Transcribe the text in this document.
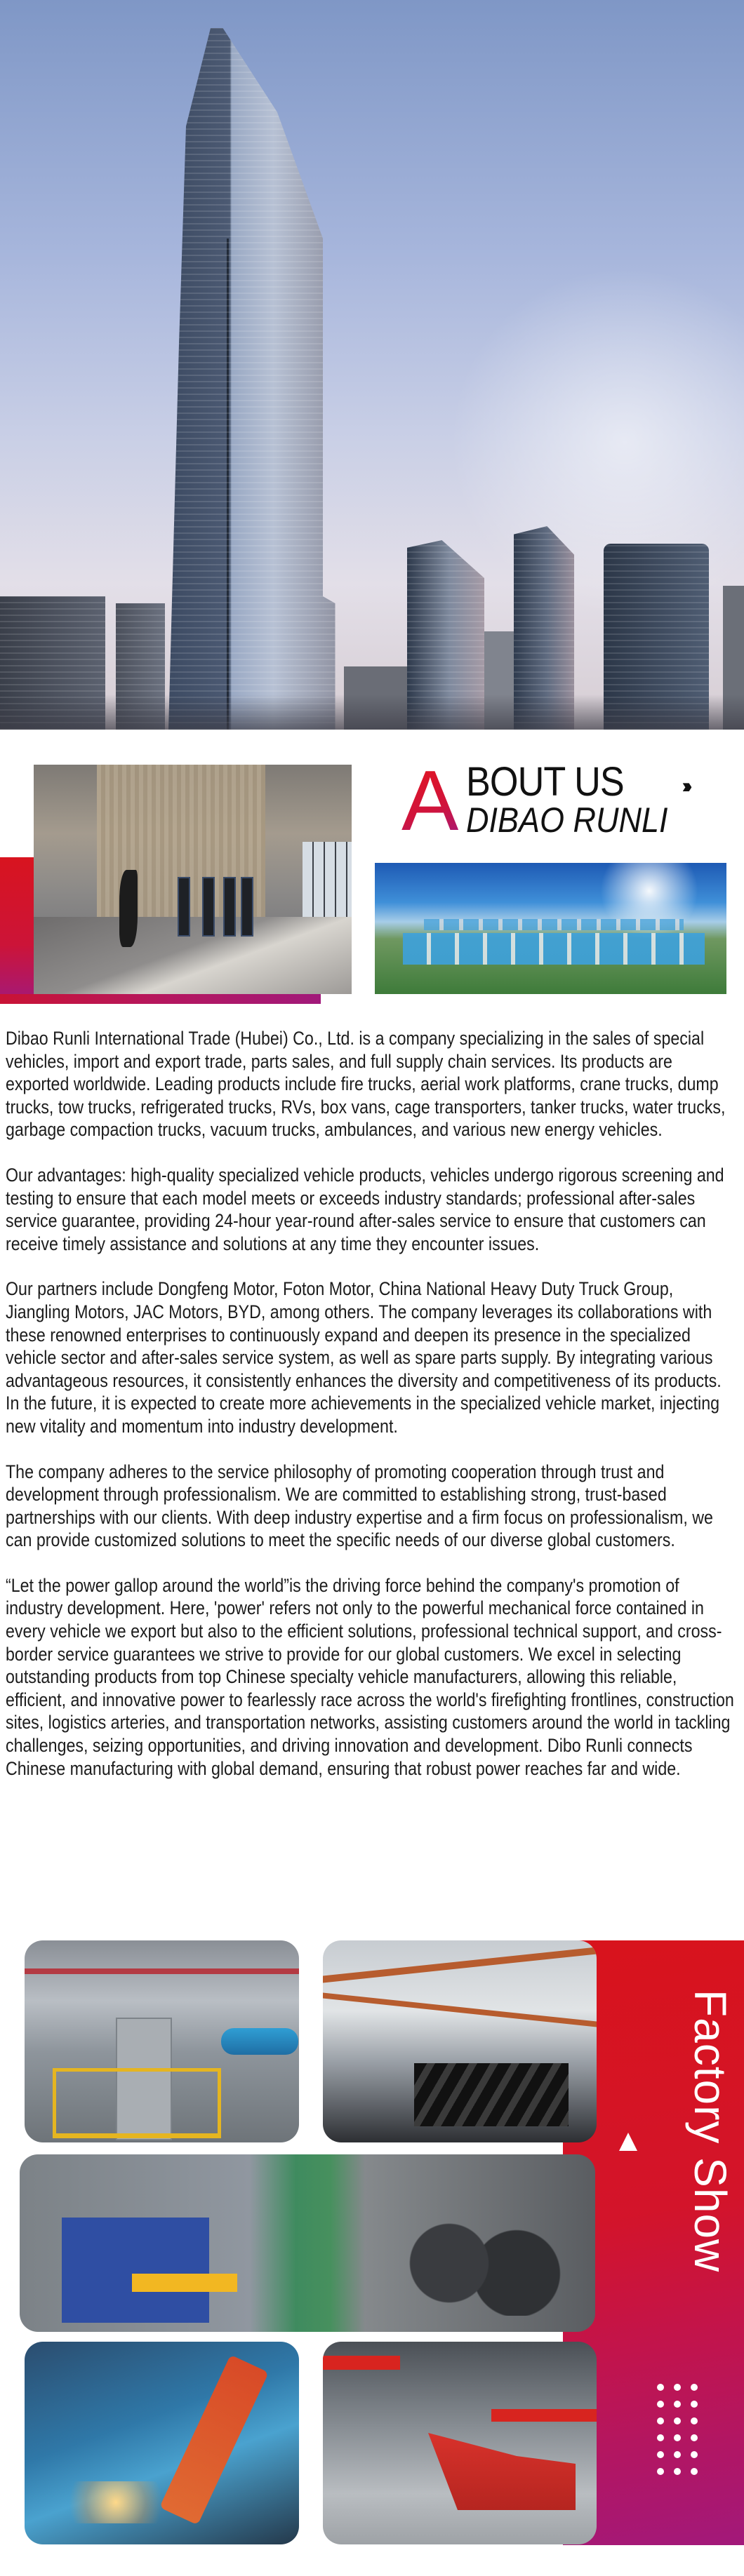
A BOUT US	››››››
DIBAO RUNLI

Dibao Runli International Trade (Hubei) Co., Ltd. is a company specializing in the sales of special vehicles, import and export trade, parts sales, and full supply chain services. Its products are exported worldwide. Leading products include fire trucks, aerial work platforms, crane trucks, dump trucks, tow trucks, refrigerated trucks, RVs, box vans, cage transporters, tanker trucks, water trucks, garbage compaction trucks, vacuum trucks, ambulances, and various new energy vehicles.

Our advantages: high-quality specialized vehicle products, vehicles undergo rigorous screening and testing to ensure that each model meets or exceeds industry standards; professional after-sales service guarantee, providing 24-hour year-round after-sales service to ensure that customers can receive timely assistance and solutions at any time they encounter issues.

Our partners include Dongfeng Motor, Foton Motor, China National Heavy Duty Truck Group, Jiangling Motors, JAC Motors, BYD, among others. The company leverages its collaborations with these renowned enterprises to continuously expand and deepen its presence in the specialized vehicle sector and after-sales service system, as well as spare parts supply. By integrating various advantageous resources, it consistently enhances the diversity and competitiveness of its products. In the future, it is expected to create more achievements in the specialized vehicle market, injecting new vitality and momentum into industry development.

The company adheres to the service philosophy of promoting cooperation through trust and development through professionalism. We are committed to establishing strong, trust-based partnerships with our clients. With deep industry expertise and a firm focus on professionalism, we can provide customized solutions to meet the specific needs of our diverse global customers.

“Let the power gallop around the world”is the driving force behind the company's promotion of industry development. Here, 'power' refers not only to the powerful mechanical force contained in every vehicle we export but also to the efficient solutions, professional technical support, and cross-border service guarantees we strive to provide for our global customers. We excel in selecting outstanding products from top Chinese specialty vehicle manufacturers, allowing this reliable, efficient, and innovative power to fearlessly race across the world's firefighting frontlines, construction sites, logistics arteries, and transportation networks, assisting customers around the world in tackling challenges, seizing opportunities, and driving innovation and development. Dibo Runli connects Chinese manufacturing with global demand, ensuring that robust power reaches far and wide.

Factory Show
